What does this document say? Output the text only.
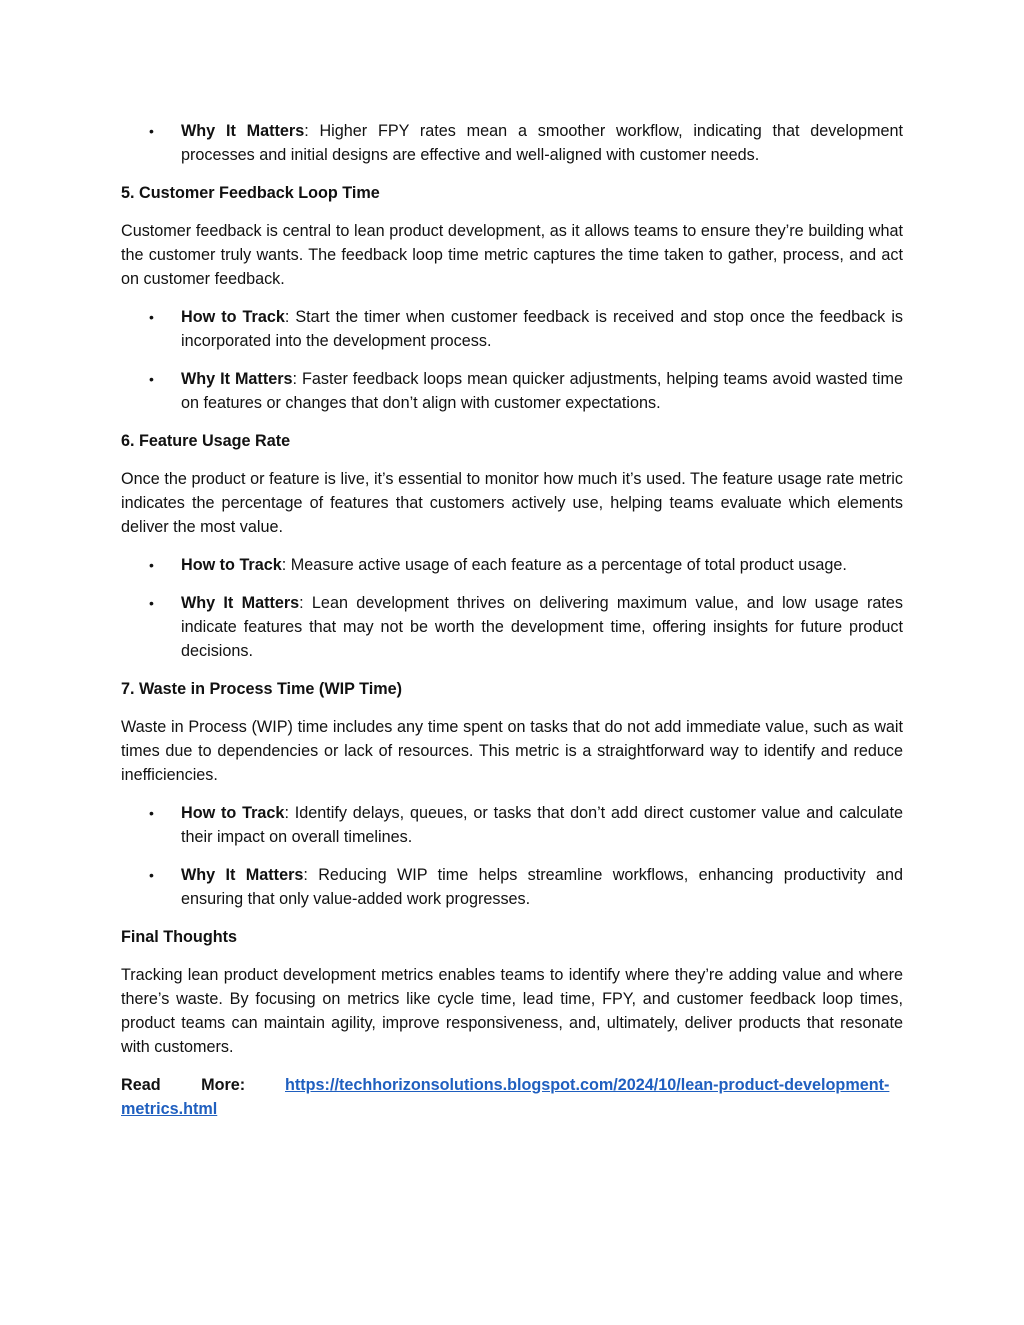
• Why It Matters: Higher FPY rates mean a smoother workflow, indicating that development processes and initial designs are effective and well-aligned with customer needs.
5. Customer Feedback Loop Time

Customer feedback is central to lean product development, as it allows teams to ensure they’re building what the customer truly wants. The feedback loop time metric captures the time taken to gather, process, and act on customer feedback.

• How to Track: Start the timer when customer feedback is received and stop once the feedback is incorporated into the development process.
• Why It Matters: Faster feedback loops mean quicker adjustments, helping teams avoid wasted time on features or changes that don’t align with customer expectations.
6. Feature Usage Rate

Once the product or feature is live, it’s essential to monitor how much it’s used. The feature usage rate metric indicates the percentage of features that customers actively use, helping teams evaluate which elements deliver the most value.

• How to Track: Measure active usage of each feature as a percentage of total product usage.
• Why It Matters: Lean development thrives on delivering maximum value, and low usage rates indicate features that may not be worth the development time, offering insights for future product decisions.
7. Waste in Process Time (WIP Time)

Waste in Process (WIP) time includes any time spent on tasks that do not add immediate value, such as wait times due to dependencies or lack of resources. This metric is a straightforward way to identify and reduce inefficiencies.

• How to Track: Identify delays, queues, or tasks that don’t add direct customer value and calculate their impact on overall timelines.
• Why It Matters: Reducing WIP time helps streamline workflows, enhancing productivity and ensuring that only value-added work progresses.
Final Thoughts

Tracking lean product development metrics enables teams to identify where they’re adding value and where there’s waste. By focusing on metrics like cycle time, lead time, FPY, and customer feedback loop times, product teams can maintain agility, improve responsiveness, and, ultimately, deliver products that resonate with customers.

Read More: https://techhorizonsolutions.blogspot.com/2024/10/lean-product-development-metrics.html
